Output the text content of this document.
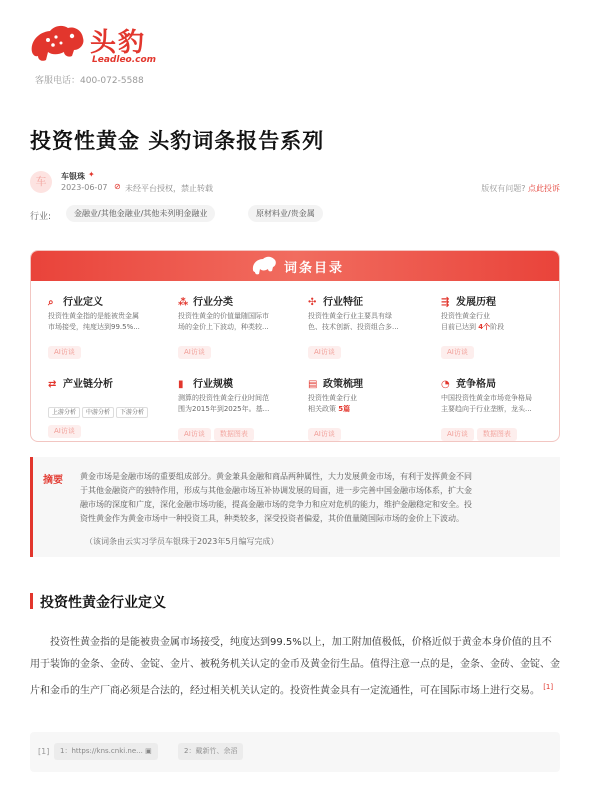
头豹
Leadleo.com
客服电话：400-072-5588
投资性黄金 头豹词条报告系列
车	车银珠 ✦
2023-06-07 ⊘ 未经平台授权，禁止转载	版权有问题? 点此投诉
行业:	金融业/其他金融业/其他未列明金融业	原材料业/贵金属
词条目录
⌕ 行业定义
投资性黄金指的是能被贵金属
市场接受，纯度达到99.5%...
AI访谈
⁂ 行业分类
投资性黄金的价值量随国际市
场的金价上下波动，种类较...
AI访谈
✣ 行业特征
投资性黄金行业主要具有绿
色、技术创新、投资组合多...
AI访谈
⇶ 发展历程
投资性黄金行业
目前已达到 4个阶段
AI访谈
⇄ 产业链分析
上游分析 中游分析 下游分析
AI访谈
▮ 行业规模
测算的投资性黄金行业时间范
围为2015年到2025年。基...
AI访谈 数据图表
▤ 政策梳理
投资性黄金行业
相关政策 5篇
AI访谈
◔ 竞争格局
中国投资性黄金市场竞争格局
主要趋向于行业垄断，龙头...
AI访谈 数据图表
摘要 黄金市场是金融市场的重要组成部分。黄金兼具金融和商品两种属性，大力发展黄金市场，有利于发挥黄金不同
于其他金融资产的独特作用，形成与其他金融市场互补协调发展的局面，进一步完善中国金融市场体系，扩大金
融市场的深度和广度，深化金融市场功能，提高金融市场的竞争力和应对危机的能力，维护金融稳定和安全。投
资性黄金作为黄金市场中一种投资工具，种类较多，深受投资者偏爱，其价值量随国际市场的金价上下波动。
（该词条由云实习学员车银珠于2023年5月编写完成）
投资性黄金行业定义
投资性黄金指的是能被贵金属市场接受，纯度达到99.5%以上，加工附加值极低，价格近似于黄金本身价值的且不用于装饰的金条、金砖、金锭、金片、被税务机关认定的金币及黄金衍生品。值得注意一点的是，金条、金砖、金锭、金片和金币的生产厂商必须是合法的，经过相关机关认定的。投资性黄金具有一定流通性，可在国际市场上进行交易。 [1]
[1]	1：https://kns.cnki.ne... ▣	2：戴新竹、余滔
